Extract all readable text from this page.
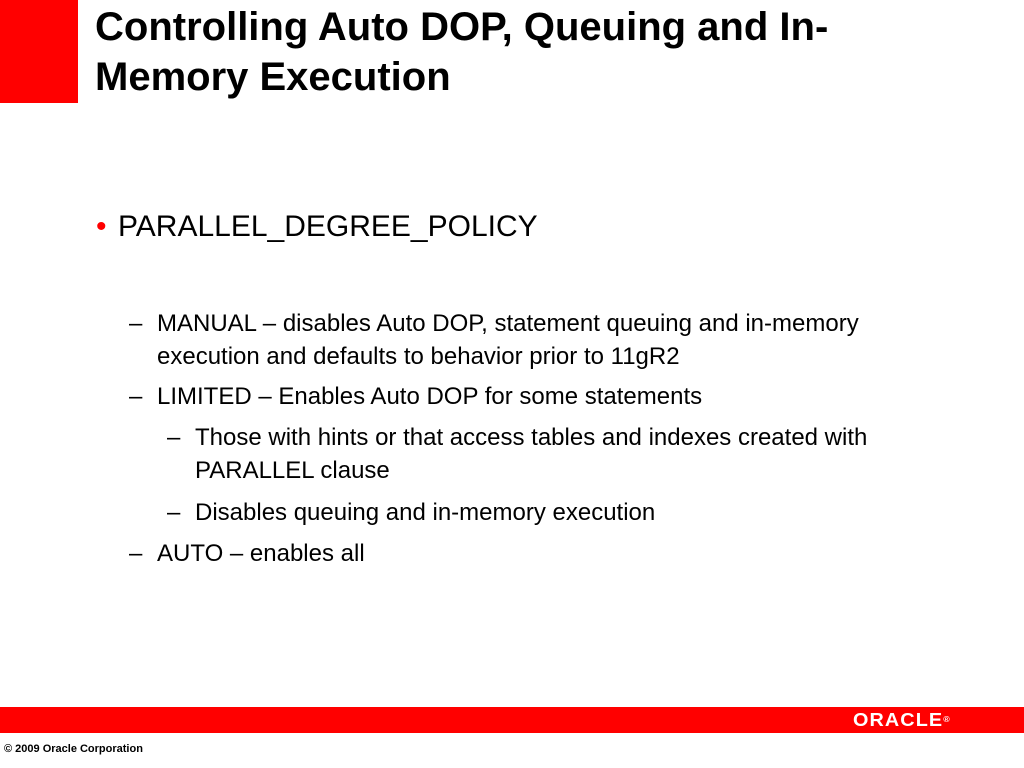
Controlling Auto DOP, Queuing and In-Memory Execution
• PARALLEL_DEGREE_POLICY
– MANUAL – disables Auto DOP, statement queuing and in-memory execution and defaults to behavior prior to 11gR2
– LIMITED – Enables Auto DOP for some statements
– Those with hints or that access tables and indexes created with PARALLEL clause
– Disables queuing and in-memory execution
– AUTO – enables all
ORACLE®
© 2009 Oracle Corporation
